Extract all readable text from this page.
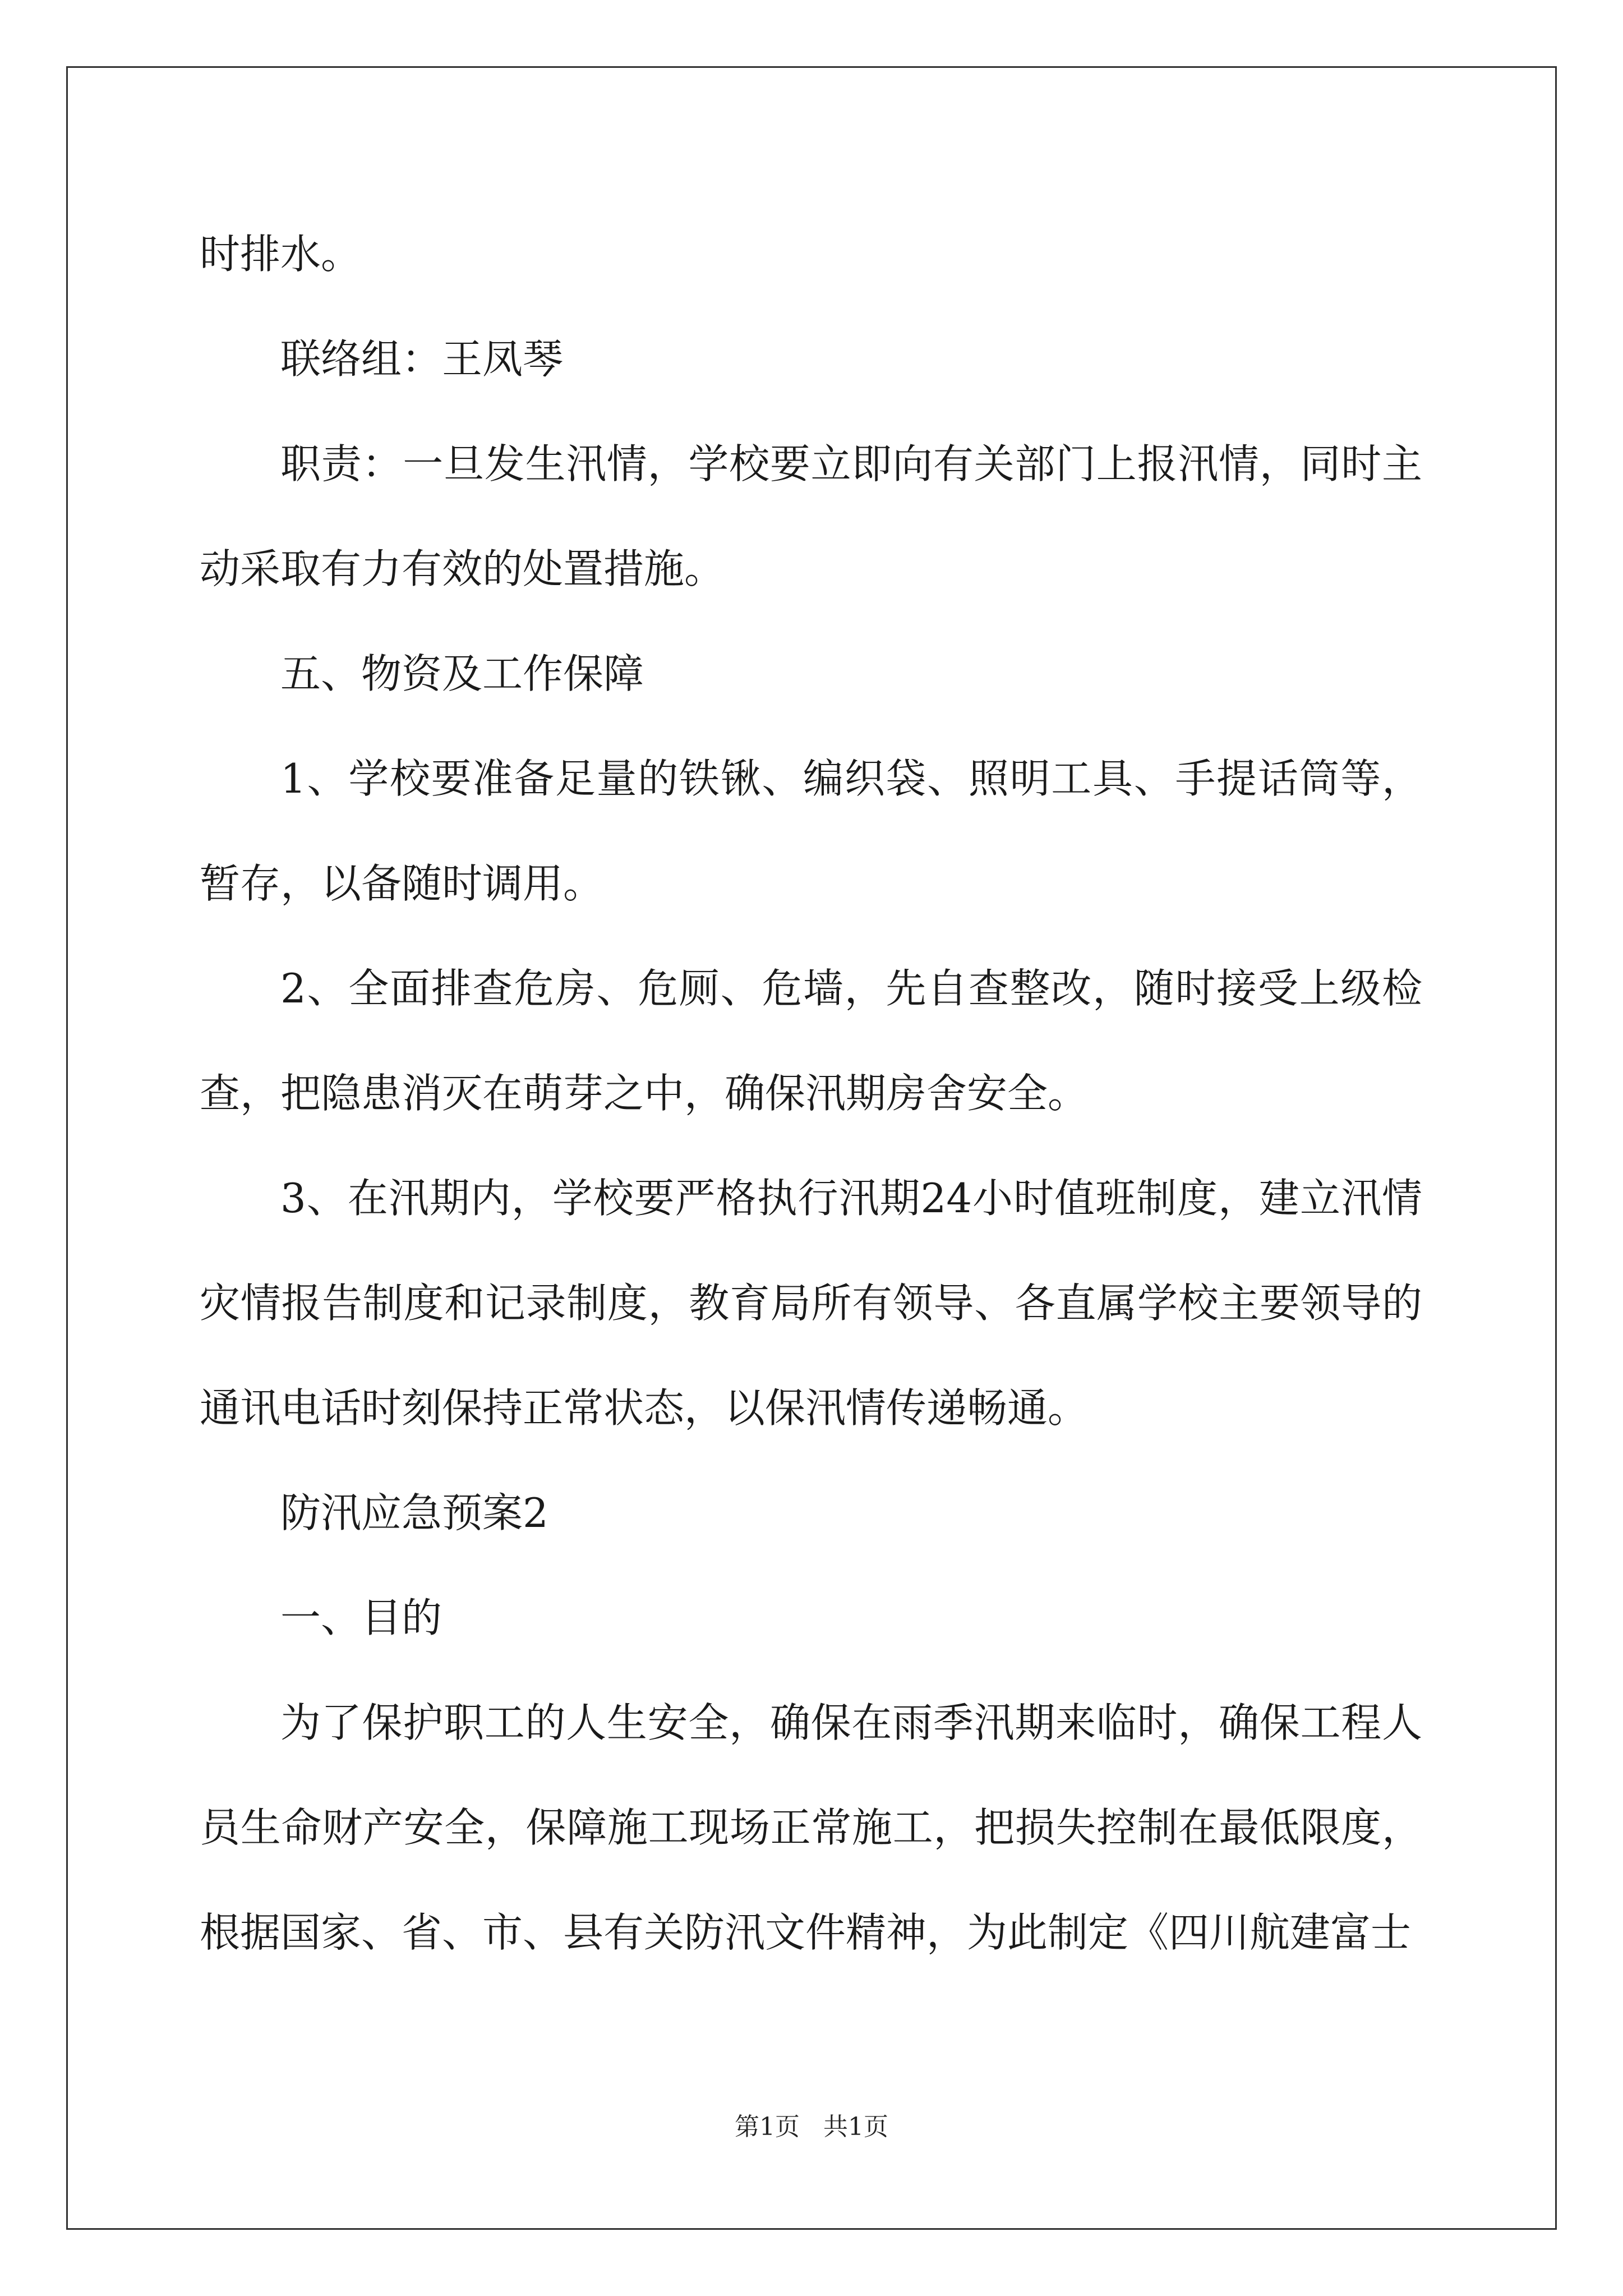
时排水。

联络组：王凤琴

职责：一旦发生汛情，学校要立即向有关部门上报汛情，同时主动采取有力有效的处置措施。

五、物资及工作保障

1、学校要准备足量的铁锹、编织袋、照明工具、手提话筒等，暂存，以备随时调用。

2、全面排查危房、危厕、危墙，先自查整改，随时接受上级检查，把隐患消灭在萌芽之中，确保汛期房舍安全。

3、在汛期内，学校要严格执行汛期24小时值班制度，建立汛情灾情报告制度和记录制度，教育局所有领导、各直属学校主要领导的通讯电话时刻保持正常状态，以保汛情传递畅通。

防汛应急预案2

一、目的

为了保护职工的人生安全，确保在雨季汛期来临时，确保工程人员生命财产安全，保障施工现场正常施工，把损失控制在最低限度，根据国家、省、市、县有关防汛文件精神，为此制定《四川航建富士

第1页 共1页
